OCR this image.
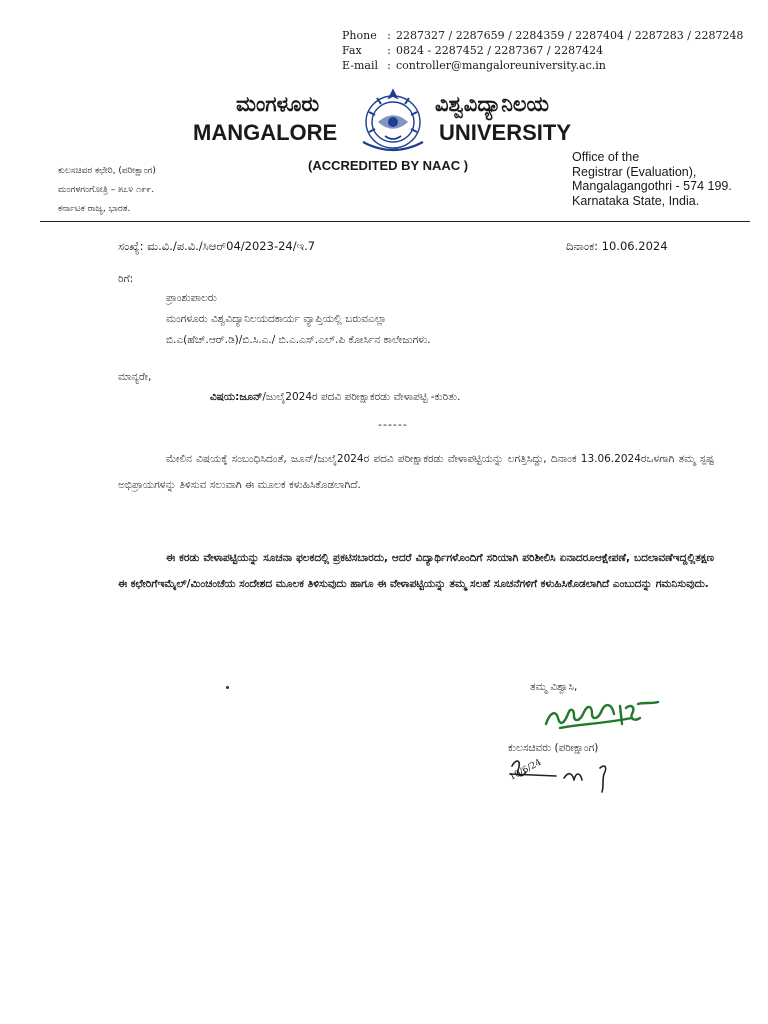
Phone : 2287327 / 2287659 / 2284359 / 2287404 / 2287283 / 2287248
Fax	: 0824 - 2287452 / 2287367 / 2287424
E-mail : controller@mangaloreuniversity.ac.in
ಮಂಗಳೂರು	ವಿಶ್ವವಿದ್ಯಾನಿಲಯ
MANGALORE	UNIVERSITY
(ACCREDITED BY NAAC )
ಕುಲಸಚಿವರ ಕಛೇರಿ, (ಪರೀಕ್ಷಾಂಗ)
ಮಂಗಳಗಂಗೋತ್ರಿ – ೫೭೪ ೧೯೯.
ಕರ್ನಾಟಕ ರಾಜ್ಯ, ಭಾರತ.
Office of the
Registrar (Evaluation),
Mangalagangothri - 574 199.
Karnataka State, India.
ಸಂಖ್ಯೆ: ಮ.ವಿ./ಪ.ವಿ./ಸಿಆರ್04/2023-24/ಇ.7	ದಿನಾಂಕ: 10.06.2024
ರಿಗೆ:
ಪ್ರಾಂಶುಪಾಲರು
ಮಂಗಳೂರು ವಿಶ್ವವಿದ್ಯಾನಿಲಯದಕಾರ್ಯ ವ್ಯಾಪ್ತಿಯಲ್ಲಿ ಬರುವಎಲ್ಲಾ
ಬಿ.ಎ(ಹೆಚ್.ಆರ್.ಡಿ)/ಬಿ.ಸಿ.ಎ./ ಬಿ.ಎ.ಎಸ್.ಎಲ್.ಪಿ ಕೋರ್ಸಿನ ಕಾಲೇಜುಗಳು.
ಮಾನ್ಯರೇ,
ವಿಷಯ:ಜೂನ್/ಜುಲೈ2024ರ ಪದವಿ ಪರೀಕ್ಷಾಕರಡು ವೇಳಾಪಟ್ಟಿ -ಕುರಿತು.
------
ಮೇಲಿನ ವಿಷಯಕ್ಕೆ ಸಂಬಂಧಿಸಿದಂತೆ, ಜೂನ್/ಜುಲೈ2024ರ ಪದವಿ ಪರೀಕ್ಷಾಕರಡು ವೇಳಾಪಟ್ಟಿಯನ್ನು ಲಗತ್ತಿಸಿದ್ದು, ದಿನಾಂಕ 13.06.2024ರಒಳಗಾಗಿ ತಮ್ಮ ಸ್ಪಷ್ಟ ಅಭಿಪ್ರಾಯಗಳನ್ನು ತಿಳಿಸುವ ಸಲುವಾಗಿ ಈ ಮೂಲಕ ಕಳುಹಿಸಿಕೊಡಲಾಗಿದೆ.
ಈ ಕರಡು ವೇಳಾಪಟ್ಟಿಯನ್ನು ಸೂಚನಾ ಫಲಕದಲ್ಲಿ ಪ್ರಕಟಿಸಬಾರದು, ಆದರೆ ವಿದ್ಯಾರ್ಥಿಗಳೊಂದಿಗೆ ಸರಿಯಾಗಿ ಪರಿಶೀಲಿಸಿ ಏನಾದರೂಆಕ್ಷೇಪಣೆ, ಬದಲಾವಣೆಇದ್ದಲ್ಲಿತಕ್ಷಣ ಈ ಕಛೇರಿಗೆಇಮೈಲ್/ಮಿಂಚಂಚೆಯ ಸಂದೇಶದ ಮೂಲಕ ತಿಳಿಸುವುದು ಹಾಗೂ ಈ ವೇಳಾಪಟ್ಟಿಯನ್ನು ತಮ್ಮ ಸಲಹೆ ಸೂಚನೆಗಳಿಗೆ ಕಳುಹಿಸಿಕೊಡಲಾಗಿದೆ ಎಂಬುದನ್ನು ಗಮನಿಸುವುದು.
ತಮ್ಮ ವಿಶ್ವಾಸಿ,
ಕುಲಸಚಿವರು (ಪರೀಕ್ಷಾಂಗ)
10/6/24
